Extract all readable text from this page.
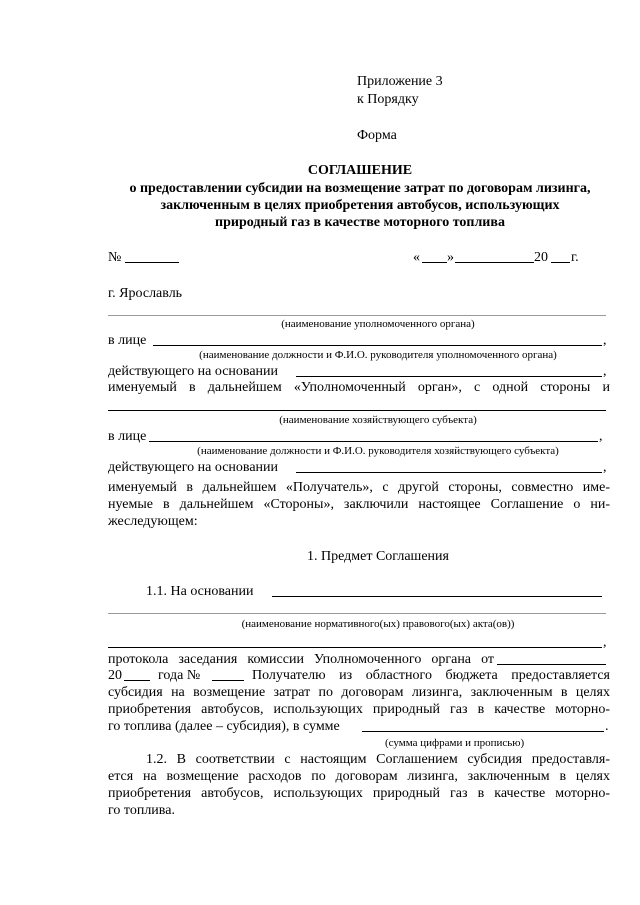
Приложение 3
к Порядку
Форма
СОГЛАШЕНИЕ
о предоставлении субсидии на возмещение затрат по договорам лизинга,
заключенным в целях приобретения автобусов, использующих
природный газ в качестве моторного топлива
№	« »	20 г.
г. Ярославль
(наименование уполномоченного органа)
в лице	,
(наименование должности и Ф.И.О. руководителя уполномоченного органа)
действующего на основании	,
именуемый в дальнейшем «Уполномоченный орган», с одной стороны и
(наименование хозяйствующего субъекта)
в лице	,
(наименование должности и Ф.И.О. руководителя хозяйствующего субъекта)
действующего на основании	,
именуемый в дальнейшем «Получатель», с другой стороны, совместно име-
нуемые в дальнейшем «Стороны», заключили настоящее Соглашение о ни-
жеследующем:
1. Предмет Соглашения
1.1. На основании
(наименование нормативного(ых) правового(ых) акта(ов))
,
протокола заседания комиссии Уполномоченного органа от
20	года №	Получателю из областного бюджета предоставляется
субсидия на возмещение затрат по договорам лизинга, заключенным в целях
приобретения автобусов, использующих природный газ в качестве моторно-
го топлива (далее – субсидия), в сумме	.
(сумма цифрами и прописью)
1.2. В соответствии с настоящим Соглашением субсидия предоставля-
ется на возмещение расходов по договорам лизинга, заключенным в целях
приобретения автобусов, использующих природный газ в качестве моторно-
го топлива.
